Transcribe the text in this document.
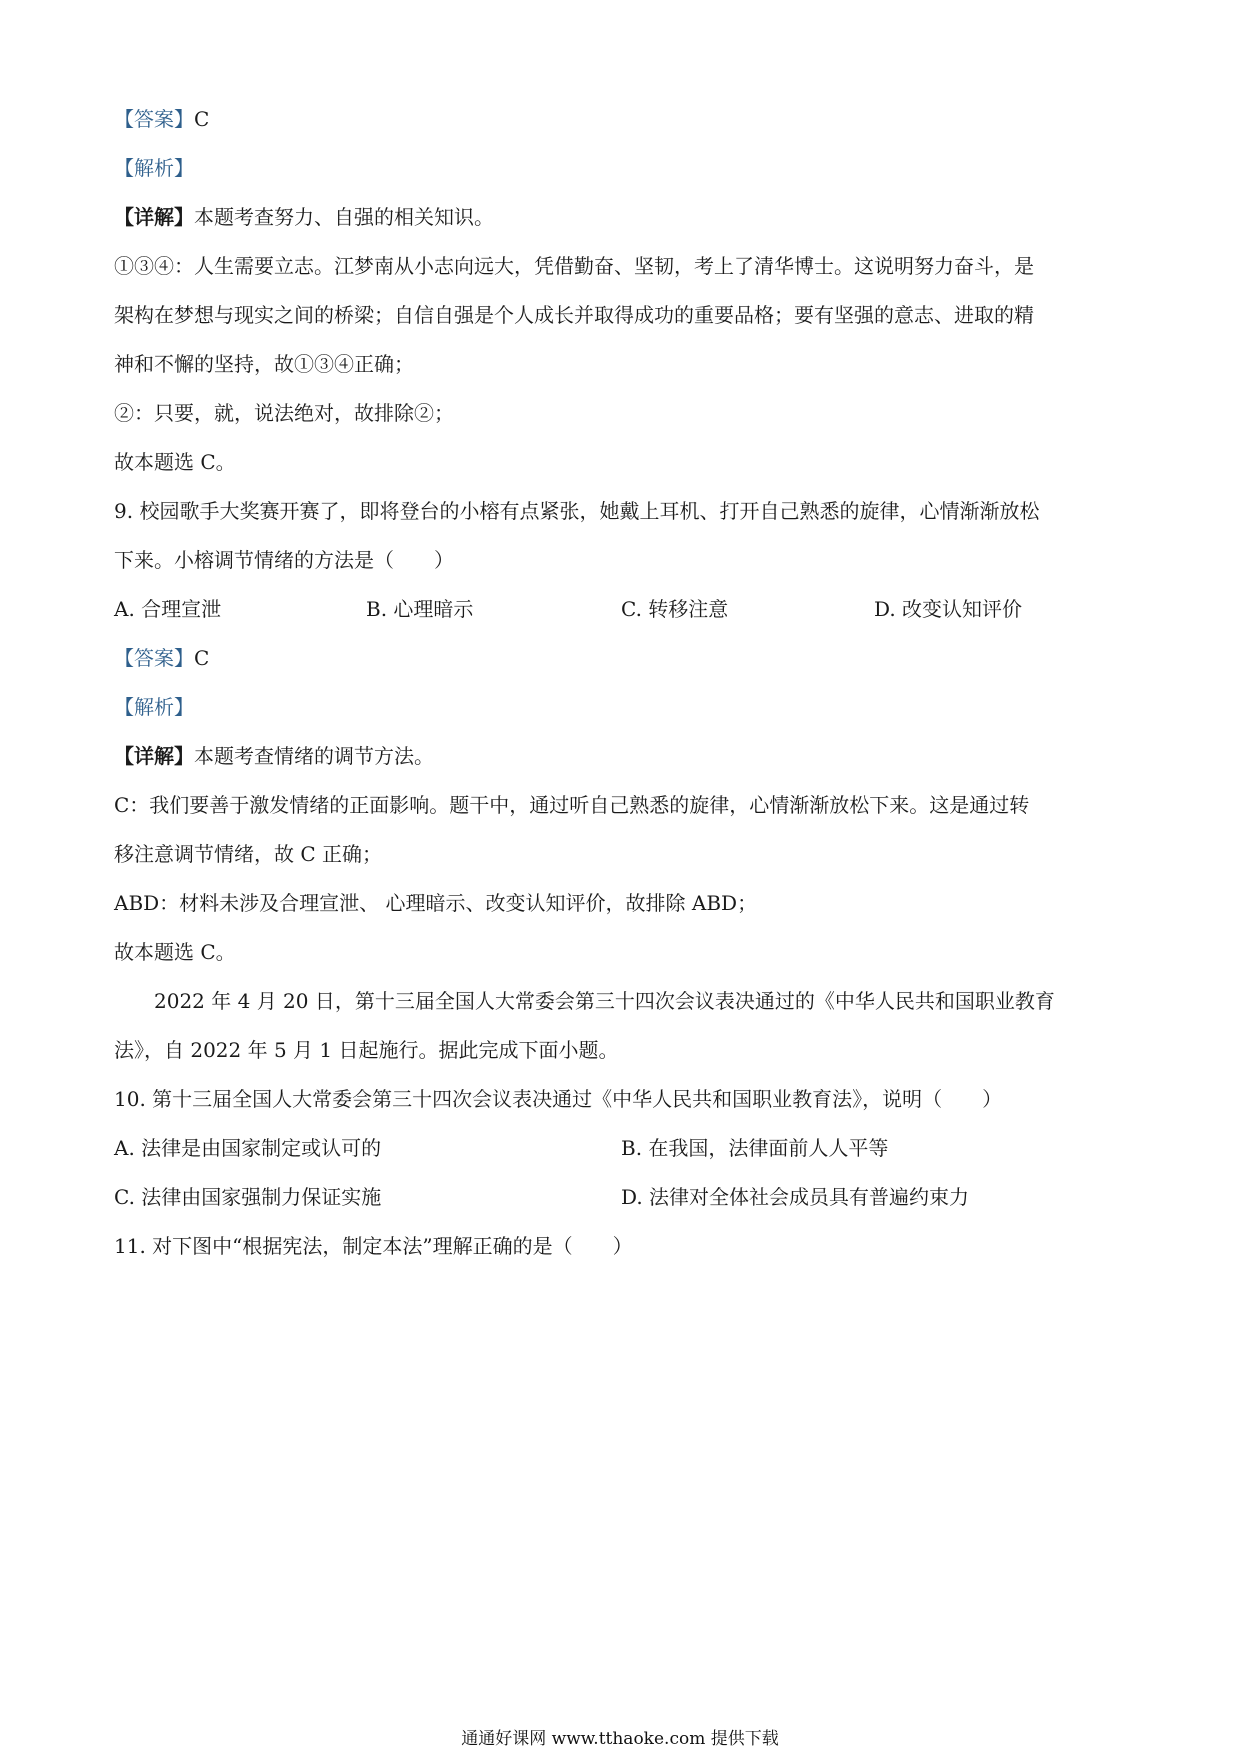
【答案】C
【解析】
【详解】本题考查努力、自强的相关知识。
①③④：人生需要立志。江梦南从小志向远大，凭借勤奋、坚韧，考上了清华博士。这说明努力奋斗，是
架构在梦想与现实之间的桥梁；自信自强是个人成长并取得成功的重要品格；要有坚强的意志、进取的精
神和不懈的坚持，故①③④正确；
②：只要，就，说法绝对，故排除②；
故本题选 C。
9. 校园歌手大奖赛开赛了，即将登台的小榕有点紧张，她戴上耳机、打开自己熟悉的旋律，心情渐渐放松
下来。小榕调节情绪的方法是（　　）
A. 合理宣泄	B. 心理暗示	C. 转移注意	D. 改变认知评价
【答案】C
【解析】
【详解】本题考查情绪的调节方法。
C：我们要善于激发情绪的正面影响。题干中，通过听自己熟悉的旋律，心情渐渐放松下来。这是通过转
移注意调节情绪，故 C 正确；
ABD：材料未涉及合理宣泄、 心理暗示、改变认知评价，故排除 ABD；
故本题选 C。
2022 年 4 月 20 日，第十三届全国人大常委会第三十四次会议表决通过的《中华人民共和国职业教育
法》，自 2022 年 5 月 1 日起施行。据此完成下面小题。
10. 第十三届全国人大常委会第三十四次会议表决通过《中华人民共和国职业教育法》，说明（　　）
A. 法律是由国家制定或认可的	B. 在我国，法律面前人人平等
C. 法律由国家强制力保证实施	D. 法律对全体社会成员具有普遍约束力
11. 对下图中“根据宪法，制定本法”理解正确的是（　　）
通通好课网 www.tthaoke.com 提供下载
